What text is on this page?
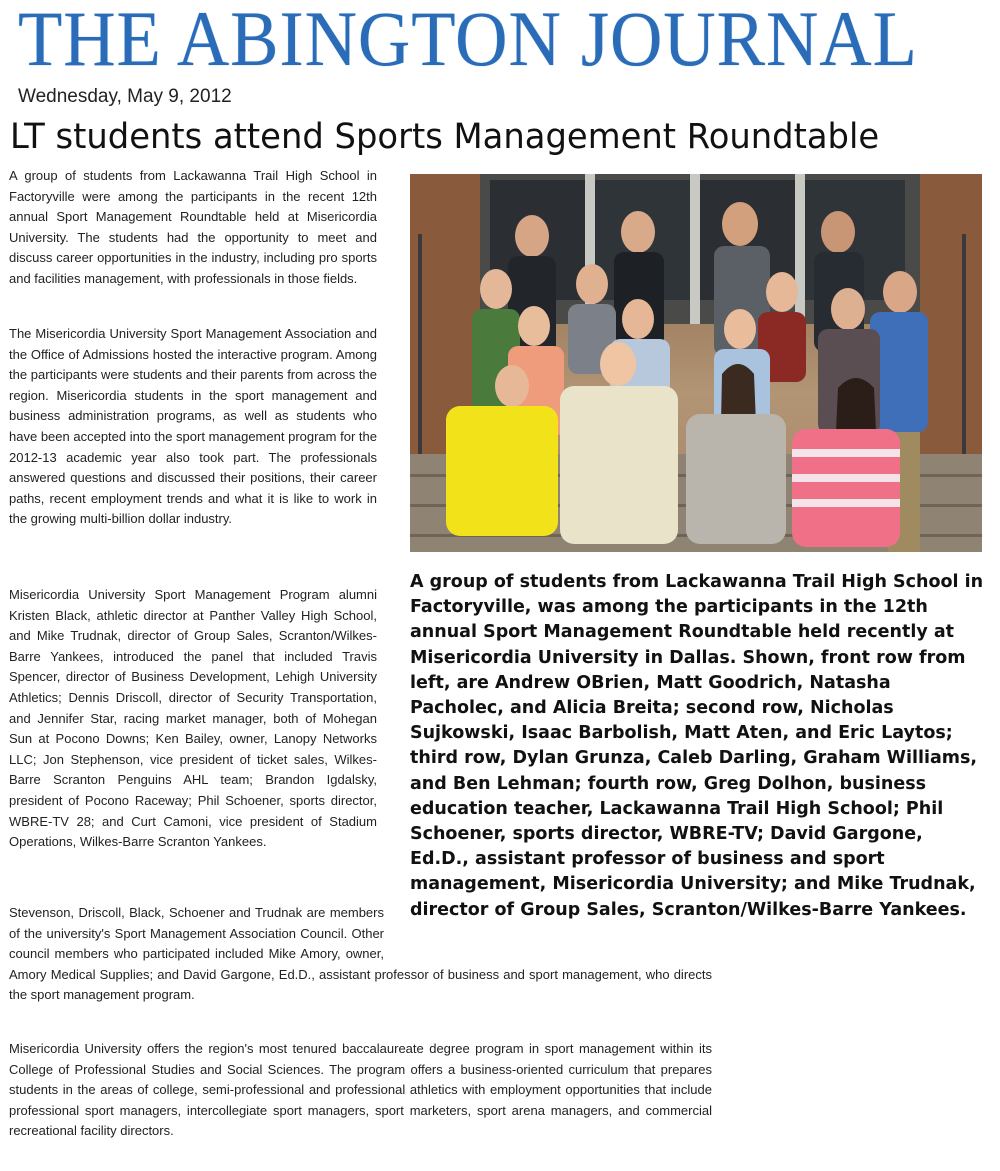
THE ABINGTON JOURNAL
Wednesday, May 9, 2012
LT students attend Sports Management Roundtable

A group of students from Lackawanna Trail High School in Factoryville were among the participants in the recent 12th annual Sport Management Roundtable held at Misericordia University. The students had the opportunity to meet and discuss career opportunities in the industry, including pro sports and facilities management, with professionals in those fields.

The Misericordia University Sport Management Association and the Office of Admissions hosted the interactive program. Among the participants were students and their parents from across the region. Misericordia students in the sport management and business administration programs, as well as students who have been accepted into the sport management program for the 2012-13 academic year also took part. The professionals answered questions and discussed their positions, their career paths, recent employment trends and what it is like to work in the growing multi-billion dollar industry.

Misericordia University Sport Management Program alumni Kristen Black, athletic director at Panther Valley High School, and Mike Trudnak, director of Group Sales, Scranton/Wilkes-Barre Yankees, introduced the panel that included Travis Spencer, director of Business Development, Lehigh University Athletics; Dennis Driscoll, director of Security Transportation, and Jennifer Star, racing market manager, both of Mohegan Sun at Pocono Downs; Ken Bailey, owner, Lanopy Networks LLC; Jon Stephenson, vice president of ticket sales, Wilkes-Barre Scranton Penguins AHL team; Brandon Igdalsky, president of Pocono Raceway; Phil Schoener, sports director, WBRE-TV 28; and Curt Camoni, vice president of Stadium Operations, Wilkes-Barre Scranton Yankees.

Stevenson, Driscoll, Black, Schoener and Trudnak are members of the university's Sport Management Association Council. Other council members who participated included Mike Amory, owner, Amory Medical Supplies; and David Gargone, Ed.D., assistant professor of business and sport management, who directs the sport management program.

Misericordia University offers the region's most tenured baccalaureate degree program in sport management within its College of Professional Studies and Social Sciences. The program offers a business-oriented curriculum that prepares students in the areas of college, semi-professional and professional athletics with employment opportunities that include professional sport managers, intercollegiate sport managers, sport marketers, sport arena managers, and commercial recreational facility directors.

A group of students from Lackawanna Trail High School in Factoryville, was among the participants in the 12th annual Sport Management Roundtable held recently at Misericordia University in Dallas. Shown, front row from left, are Andrew OBrien, Matt Goodrich, Natasha Pacholec, and Alicia Breita; second row, Nicholas Sujkowski, Isaac Barbolish, Matt Aten, and Eric Laytos; third row, Dylan Grunza, Caleb Darling, Graham Williams, and Ben Lehman; fourth row, Greg Dolhon, business education teacher, Lackawanna Trail High School; Phil Schoener, sports director, WBRE-TV; David Gargone, Ed.D., assistant professor of business and sport management, Misericordia University; and Mike Trudnak, director of Group Sales, Scranton/Wilkes-Barre Yankees.
